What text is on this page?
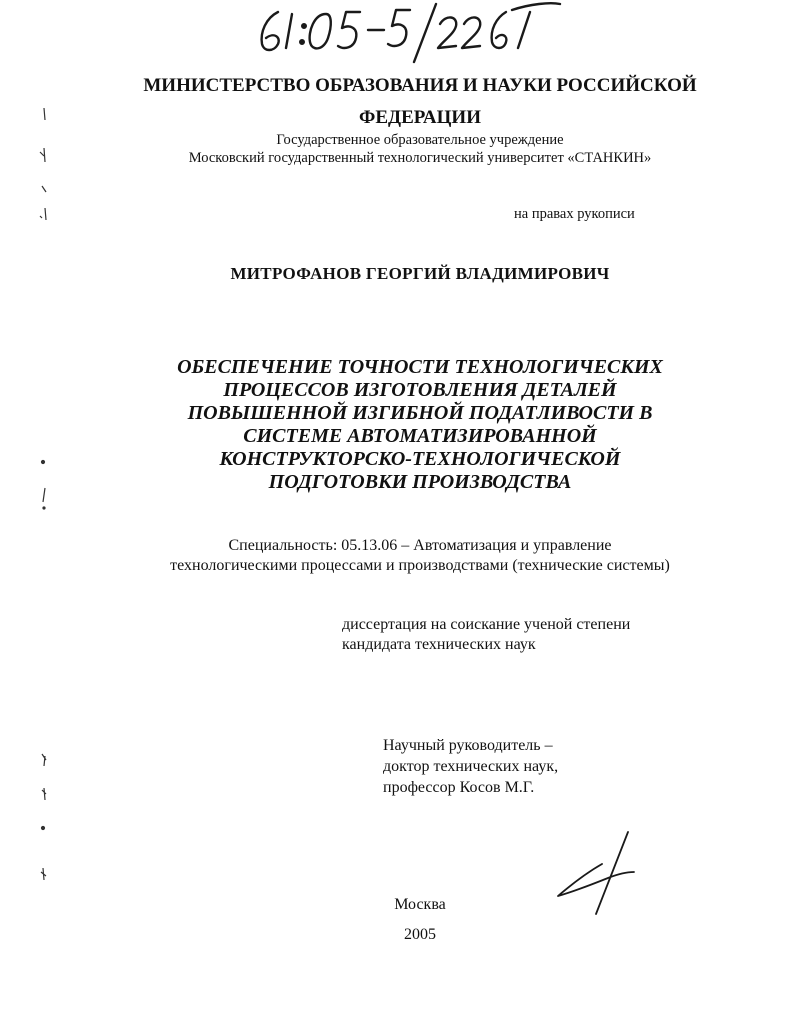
МИНИСТЕРСТВО ОБРАЗОВАНИЯ И НАУКИ РОССИЙСКОЙ
ФЕДЕРАЦИИ
Государственное образовательное учреждение
Московский государственный технологический университет «СТАНКИН»
на правах рукописи
МИТРОФАНОВ ГЕОРГИЙ ВЛАДИМИРОВИЧ
ОБЕСПЕЧЕНИЕ ТОЧНОСТИ ТЕХНОЛОГИЧЕСКИХ
ПРОЦЕССОВ ИЗГОТОВЛЕНИЯ ДЕТАЛЕЙ
ПОВЫШЕННОЙ ИЗГИБНОЙ ПОДАТЛИВОСТИ В
СИСТЕМЕ АВТОМАТИЗИРОВАННОЙ
КОНСТРУКТОРСКО-ТЕХНОЛОГИЧЕСКОЙ
ПОДГОТОВКИ ПРОИЗВОДСТВА
Специальность: 05.13.06 – Автоматизация и управление
технологическими процессами и производствами (технические системы)
диссертация на соискание ученой степени
кандидата технических наук
Научный руководитель –
доктор технических наук,
профессор Косов М.Г.
Москва
2005
